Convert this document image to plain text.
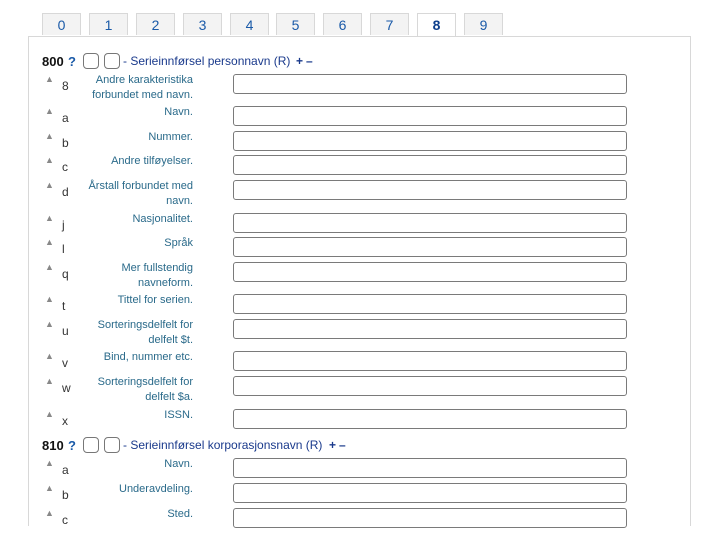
0	1	2	3	4	5	6	7	8	9
800 ?	- Serieinnførsel personnavn (R) + –
▲ 8	Andre karakteristika forbundet med navn.
▲ a	Navn.
▲ b	Nummer.
▲ c	Andre tilføyelser.
▲ d	Årstall forbundet med navn.
▲ j	Nasjonalitet.
▲ l	Språk
▲ q	Mer fullstendig navneform.
▲ t	Tittel for serien.
▲ u	Sorteringsdelfelt for delfelt $t.
▲ v	Bind, nummer etc.
▲ w	Sorteringsdelfelt for delfelt $a.
▲ x	ISSN.
810 ?	- Serieinnførsel korporasjonsnavn (R) + –
▲ a	Navn.
▲ b	Underavdeling.
▲ c	Sted.
